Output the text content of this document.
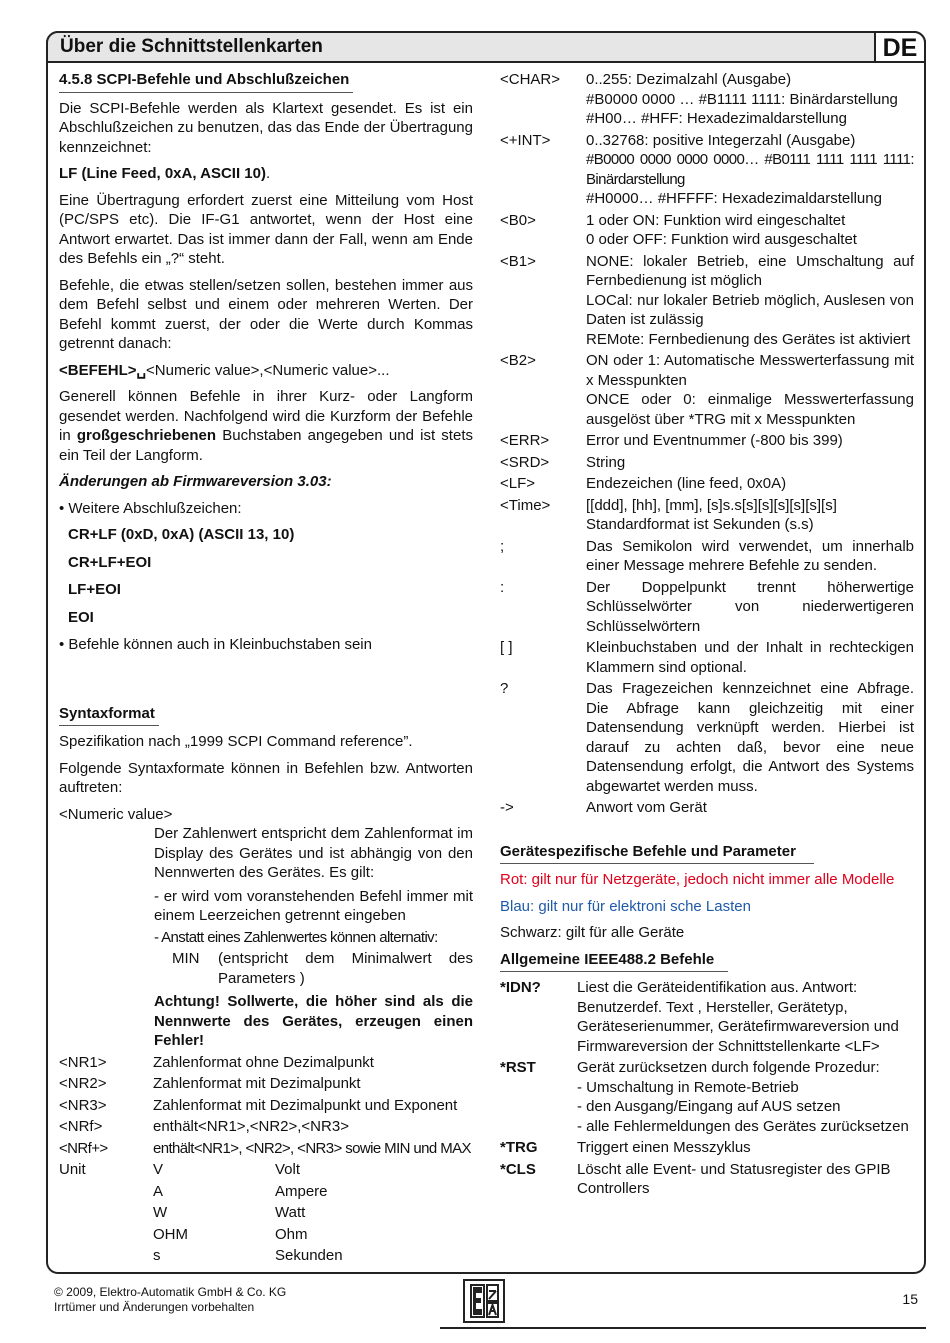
Über die Schnittstellenkarten	DE
4.5.8 SCPI-Befehle und Abschlußzeichen

Die SCPI-Befehle werden als Klartext gesendet. Es ist ein Abschlußzeichen zu benutzen, das das Ende der Übertragung kennzeichnet:

LF (Line Feed, 0xA, ASCII 10).

Eine Übertragung erfordert zuerst eine Mitteilung vom Host (PC/SPS etc). Die IF-G1 antwortet, wenn der Host eine Antwort erwartet. Das ist immer dann der Fall, wenn am Ende des Befehls ein „?“ steht.

Befehle, die etwas stellen/setzen sollen, bestehen immer aus dem Befehl selbst und einem oder mehreren Werten. Der Befehl kommt zuerst, der oder die Werte durch Kommas getrennt danach:

<BEFEHL>␣<Numeric value>,<Numeric value>...

Generell können Befehle in ihrer Kurz- oder Langform gesendet werden. Nachfolgend wird die Kurzform der Befehle in großgeschriebenen Buchstaben angegeben und ist stets ein Teil der Langform.

Änderungen ab Firmwareversion 3.03:

• Weitere Abschlußzeichen:

CR+LF (0xD, 0xA) (ASCII 13, 10)
CR+LF+EOI
LF+EOI
EOI

• Befehle können auch in Kleinbuchstaben sein

Syntaxformat

Spezifikation nach „1999 SCPI Command reference”.

Folgende Syntaxformate können in Befehlen bzw. Antworten auftreten:

<Numeric value>

Der Zahlenwert entspricht dem Zahlenformat im Display des Gerätes und ist abhängig von den Nennwerten des Gerätes. Es gilt:

- er wird vom voranstehenden Befehl immer mit einem Leerzeichen getrennt eingeben

- Anstatt eines Zahlenwertes können alternativ:

MIN	(entspricht dem Minimalwert des Parameters )

Achtung! Sollwerte, die höher sind als die Nennwerte des Gerätes, erzeugen einen Fehler!

<NR1>	Zahlenformat ohne Dezimalpunkt
<NR2>	Zahlenformat mit Dezimalpunkt
<NR3>	Zahlenformat mit Dezimalpunkt und Exponent
<NRf>	enthält<NR1>,<NR2>,<NR3>
<NRf+>	enthält<NR1>, <NR2>, <NR3> sowie MIN und MAX
Unit	V	Volt
A	Ampere
W	Watt
OHM	Ohm
s	Sekunden
<CHAR>	0..255: Dezimalzahl (Ausgabe)
#B0000 0000 … #B1111 1111: Binärdarstellung #H00… #HFF: Hexadezimaldarstellung
<+INT>	0..32768: positive Integerzahl (Ausgabe)
#B0000 0000 0000 0000… #B0111 1111 1111 1111: Binärdarstellung
#H0000… #HFFFF: Hexadezimaldarstellung
<B0>	1 oder ON: Funktion wird eingeschaltet
0 oder OFF: Funktion wird ausgeschaltet
<B1>	NONE: lokaler Betrieb, eine Umschaltung auf Fernbedienung ist möglich
LOCal: nur lokaler Betrieb möglich, Auslesen von Daten ist zulässig
REMote: Fernbedienung des Gerätes ist aktiviert
<B2>	ON oder 1: Automatische Messwerterfassung mit x Messpunkten
ONCE oder 0: einmalige Messwerterfassung ausgelöst über *TRG mit x Messpunkten
<ERR>	Error und Eventnummer (-800 bis 399)
<SRD>	String
<LF>	Endezeichen (line feed, 0x0A)
<Time>	[[ddd], [hh], [mm], [s]s.s[s][s][s][s][s][s]
Standardformat ist Sekunden (s.s)
;	Das Semikolon wird verwendet, um innerhalb einer Message mehrere Befehle zu senden.
:	Der Doppelpunkt trennt höherwertige Schlüsselwörter von niederwertigeren Schlüsselwörtern
[ ]	Kleinbuchstaben und der Inhalt in rechteckigen Klammern sind optional.
?	Das Fragezeichen kennzeichnet eine Abfrage. Die Abfrage kann gleichzeitig mit einer Datensendung verknüpft werden. Hierbei ist darauf zu achten daß, bevor eine neue Datensendung erfolgt, die Antwort des Systems abgewartet werden muss.
->	Anwort vom Gerät
Gerätespezifische Befehle und Parameter

Rot: gilt nur für Netzgeräte, jedoch nicht immer alle Modelle

Blau: gilt nur für elektroni sche Lasten

Schwarz: gilt für alle Geräte

Allgemeine IEEE488.2 Befehle
*IDN?	Liest die Geräteidentifikation aus. Antwort:
Benutzerdef. Text , Hersteller, Gerätetyp, Geräteserienummer, Gerätefirmwareversion und Firmwareversion der Schnittstellenkarte <LF>
*RST	Gerät zurücksetzen durch folgende Prozedur:
- Umschaltung in Remote-Betrieb
- den Ausgang/Eingang auf AUS setzen
- alle Fehlermeldungen des Gerätes zurücksetzen
*TRG	Triggert einen Messzyklus
*CLS	Löscht alle Event- und Statusregister des GPIB Controllers
© 2009, Elektro-Automatik GmbH & Co. KG
Irrtümer und Änderungen vorbehalten	15
